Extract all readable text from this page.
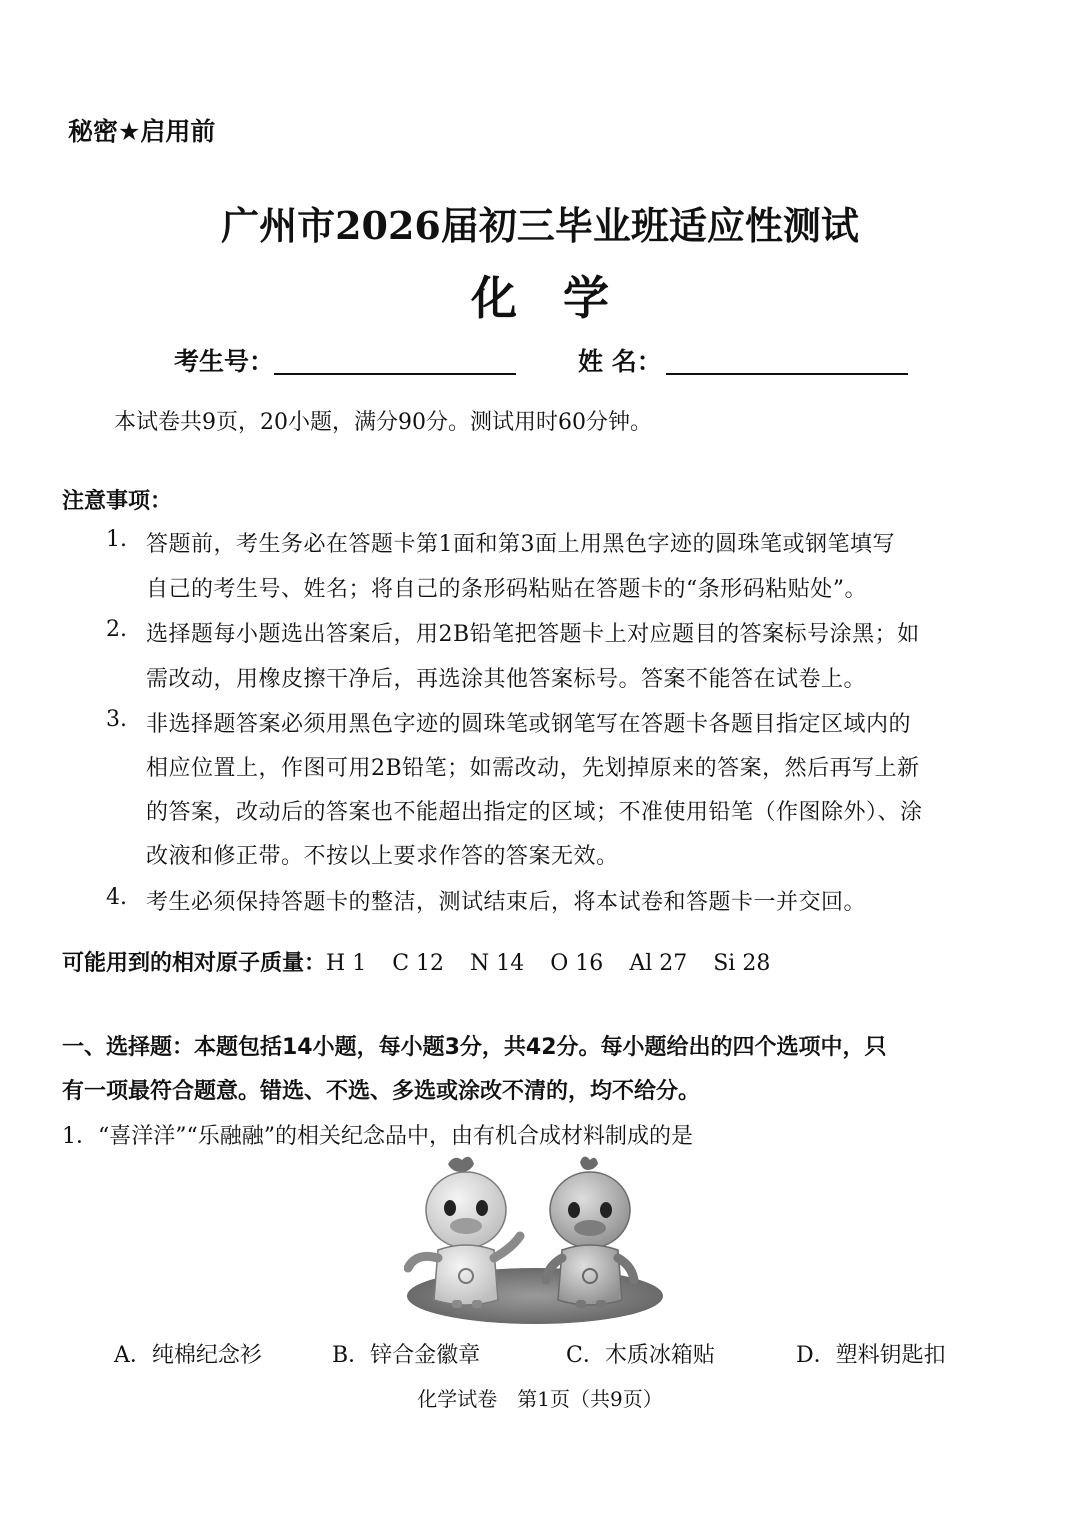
秘密★启用前
广州市2026届初三毕业班适应性测试
化学
考生号：	姓 名：
本试卷共9页，20小题，满分90分。测试用时60分钟。
注意事项：
1. 答题前，考生务必在答题卡第1面和第3面上用黑色字迹的圆珠笔或钢笔填写
自己的考生号、姓名；将自己的条形码粘贴在答题卡的“条形码粘贴处”。
2. 选择题每小题选出答案后，用2B铅笔把答题卡上对应题目的答案标号涂黑；如
需改动，用橡皮擦干净后，再选涂其他答案标号。答案不能答在试卷上。
3. 非选择题答案必须用黑色字迹的圆珠笔或钢笔写在答题卡各题目指定区域内的
相应位置上，作图可用2B铅笔；如需改动，先划掉原来的答案，然后再写上新
的答案，改动后的答案也不能超出指定的区域；不准使用铅笔（作图除外）、涂
改液和修正带。不按以上要求作答的答案无效。
4. 考生必须保持答题卡的整洁，测试结束后，将本试卷和答题卡一并交回。
可能用到的相对原子质量：H 1 C 12 N 14 O 16 Al 27 Si 28
一、选择题：本题包括14小题，每小题3分，共42分。每小题给出的四个选项中，只
有一项最符合题意。错选、不选、多选或涂改不清的，均不给分。
1．“喜洋洋”“乐融融”的相关纪念品中，由有机合成材料制成的是
A．纯棉纪念衫	B．锌合金徽章	C．木质冰箱贴	D．塑料钥匙扣
化学试卷　第1页（共9页）
